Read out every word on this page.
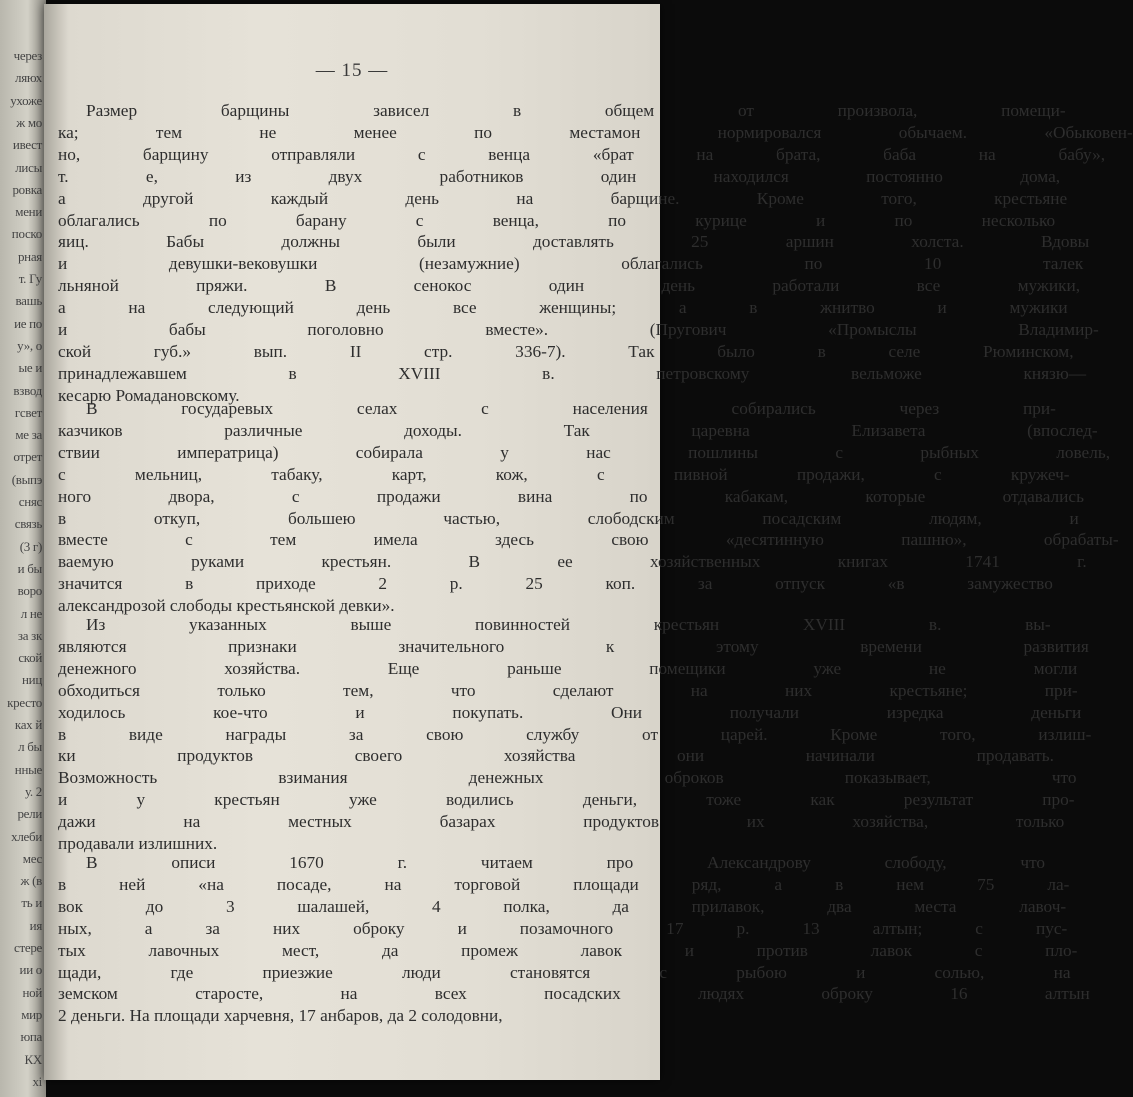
через
ляюх
ухоже
ж мо
ивест
лисы
ровка
мени
поско
рная
т. Гу
вашь
ие по
у», о
ые и
взвод
гсвет
ме за
отрет
(выпэ
сняс
связь
(3 г)
и бы
воро
л не
за зк
ской
ниц
кресто
ках й
л бы
нные
у. 2
рели
хлеби
мес
ж (в
ть и
ия
стере
ии о
ной
мир
юпа
КХ
xi
— 15 —
Размер барщины зависел в общем от произвола, помещи-
ка; тем не менее по местамон нормировался обычаем. «Обыковен-
но, барщину отправляли с венца «брат на брата, баба на бабу»,
т. е, из двух работников один находился постоянно дома,
а другой каждый день на барщине. Кроме того, крестьяне
облагались по барану с венца, по курице и по несколько
яиц. Бабы должны были доставлять 25 аршин холста. Вдовы
и девушки-вековушки (незамужние) облагались по 10 талек
льняной пряжи. В сенокос один день работали все мужики,
а на следующий день все женщины; а в жнитво и мужики
и бабы поголовно вместе». (Пругович «Промыслы Владимир-
ской губ.» вып. II стр. 336-7). Так было в селе Рюминском,
принадлежавшем в XVIII в. петровскому вельможе князю—
кесарю Ромадановскому.
В государевых селах с населения собирались через при-
казчиков различные доходы. Так царевна Елизавета (впослед-
ствии императрица) собирала у нас пошлины с рыбных ловель,
с мельниц, табаку, карт, кож, с пивной продажи, с кружеч-
ного двора, с продажи вина по кабакам, которые отдавались
в откуп, большею частью, слободским посадским людям, и
вместе с тем имела здесь свою «десятинную пашню», обрабаты-
ваемую руками крестьян. В ее хозяйственных книгах 1741 г.
значится в приходе 2 р. 25 коп. за отпуск «в замужество
александрозой слободы крестьянской девки».
Из указанных выше повинностей крестьян XVIII в. вы-
являются признаки значительного к этому времени развития
денежного хозяйства. Еще раньше помещики уже не могли
обходиться только тем, что сделают на них крестьяне; при-
ходилось кое-что и покупать. Они получали изредка деньги
в виде награды за свою службу от царей. Кроме того, излиш-
ки продуктов своего хозяйства они начинали продавать.
Возможность взимания денежных оброков показывает, что
и у крестьян уже водились деньги, тоже как результат про-
дажи на местных базарах продуктов их хозяйства, только
продавали излишних.
В описи 1670 г. читаем про Александрову слободу, что
в ней «на посаде, на торговой площади ряд, а в нем 75 ла-
вок до 3 шалашей, 4 полка, да прилавок, два места лавоч-
ных, а за них оброку и позамочного 17 р. 13 алтын; с пус-
тых лавочных мест, да промеж лавок и против лавок с пло-
щади, где приезжие люди становятся с рыбою и солью, на
земском старосте, на всех посадских людях оброку 16 алтын
2 деньги. На площади харчевня, 17 анбаров, да 2 солодовни,
